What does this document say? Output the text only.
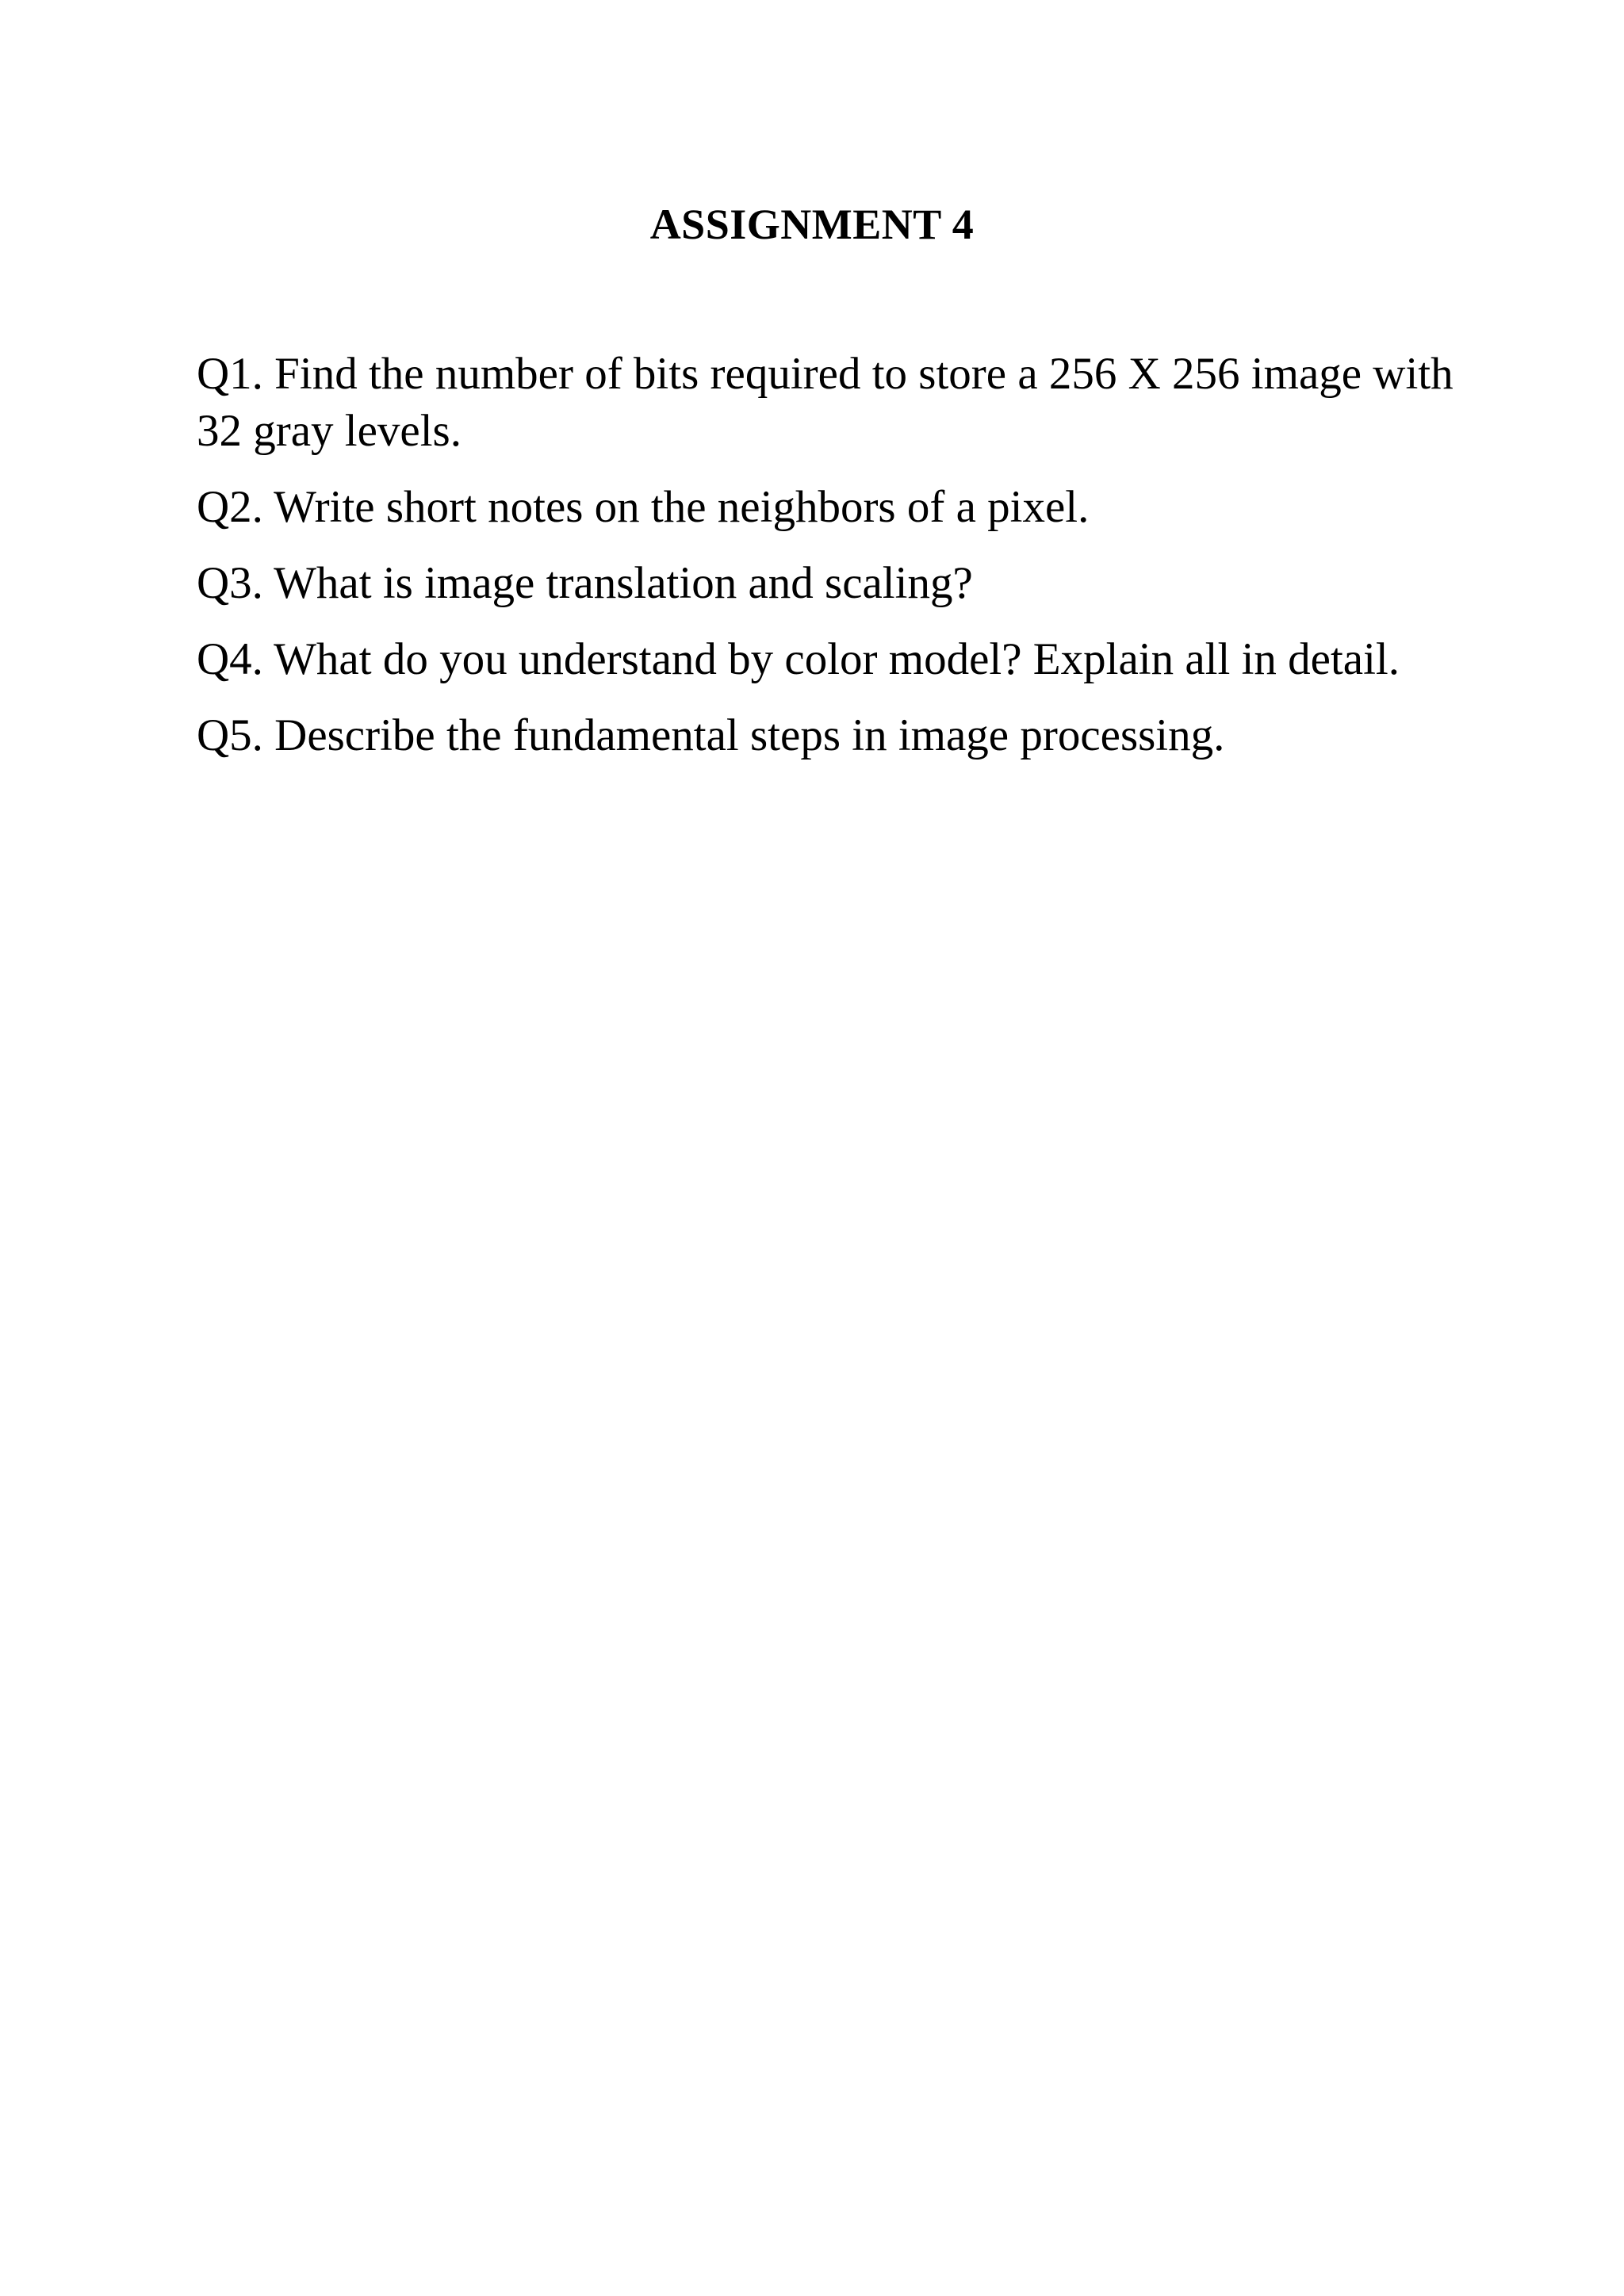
ASSIGNMENT 4
Q1. Find the number of bits required to store a 256 X 256 image with 32 gray levels.
Q2. Write short notes on the neighbors of a pixel.
Q3. What is image translation and scaling?
Q4. What do you understand by color model? Explain all in detail.
Q5. Describe the fundamental steps in image processing.
